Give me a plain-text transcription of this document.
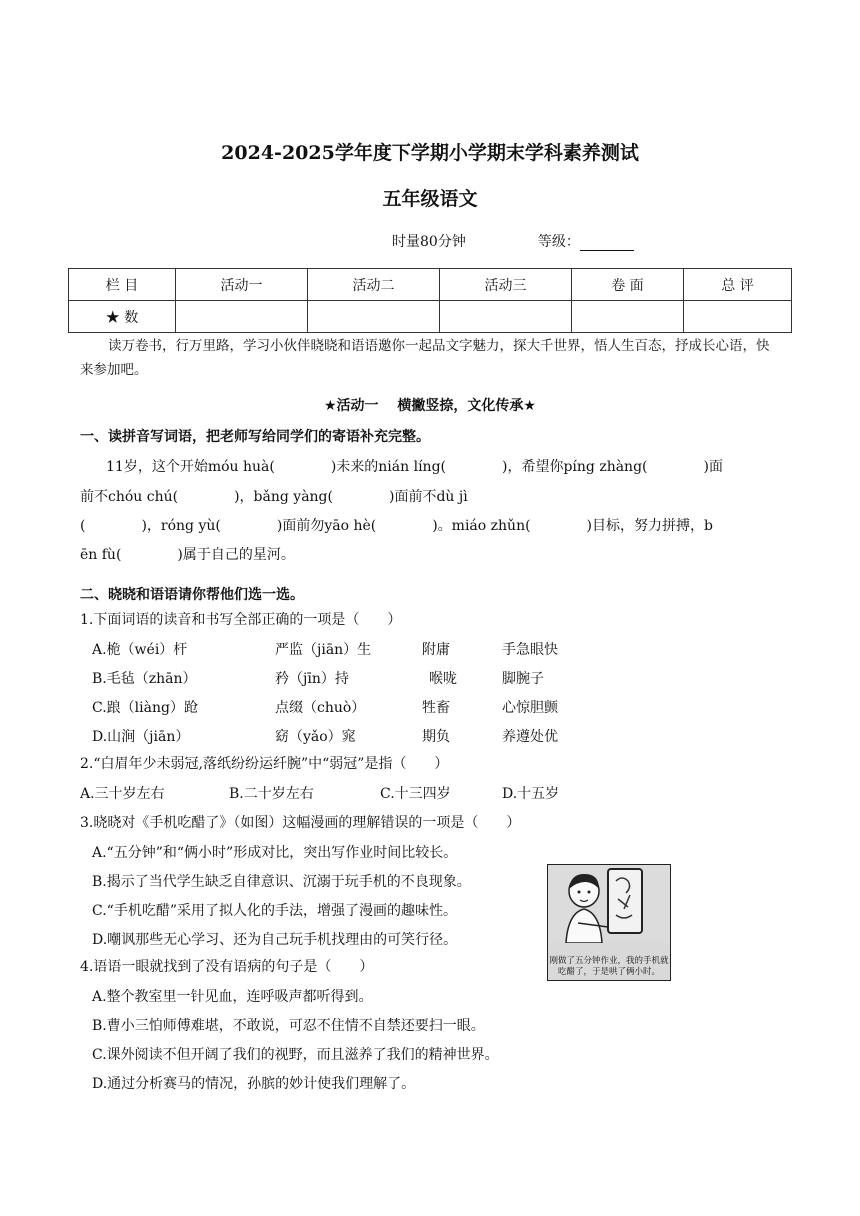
2024-2025学年度下学期小学期末学科素养测试
五年级语文
时量80分钟	等级：
栏 目	活动一	活动二	活动三	卷 面	总 评
★ 数					
读万卷书，行万里路，学习小伙伴晓晓和语语邀你一起品文字魅力，探大千世界，悟人生百态，抒成长心语，快来参加吧。
★活动一　 横撇竖捺，文化传承★
一、读拼音写词语，把老师写给同学们的寄语补充完整。
11岁，这个开始móu huà(　　　　)未来的nián líng(　　　　)，希望你píng zhàng(　　　　)面
前不chóu chú(　　　　)，bǎng yàng(　　　　)面前不dù jì
(　　　　)，róng yù(　　　　)面前勿yāo hè(　　　　)。miáo zhǔn(　　　　)目标，努力拼搏，b
ēn fù(　　　　)属于自己的星河。
二、晓晓和语语请你帮他们选一选。
1.下面词语的读音和书写全部正确的一项是（　　）
A.桅（wéi）杆	严监（jiān）生	附庸	手急眼快
B.毛毡（zhān）	矜（jīn）持	喉咙	脚腕子
C.踉（liàng）跄	点缀（chuò）	牲畜	心惊胆颤
D.山涧（jiān）	窈（yǎo）窕	期负	养遵处优
2.“白眉年少未弱冠,落纸纷纷运纤腕”中“弱冠”是指（　　）
A.三十岁左右	B.二十岁左右	C.十三四岁	D.十五岁
3.晓晓对《手机吃醋了》（如图）这幅漫画的理解错误的一项是（　　）
A.“五分钟”和“俩小时”形成对比，突出写作业时间比较长。
B.揭示了当代学生缺乏自律意识、沉溺于玩手机的不良现象。
C.“手机吃醋”采用了拟人化的手法，增强了漫画的趣味性。
D.嘲讽那些无心学习、还为自己玩手机找理由的可笑行径。
刚做了五分钟作业，我的手机就吃醋了，于是哄了俩小时。
4.语语一眼就找到了没有语病的句子是（　　）
A.整个教室里一针见血，连呼吸声都听得到。
B.曹小三怕师傅难堪，不敢说，可忍不住情不自禁还要扫一眼。
C.课外阅读不但开阔了我们的视野，而且滋养了我们的精神世界。
D.通过分析赛马的情况，孙膑的妙计使我们理解了。
